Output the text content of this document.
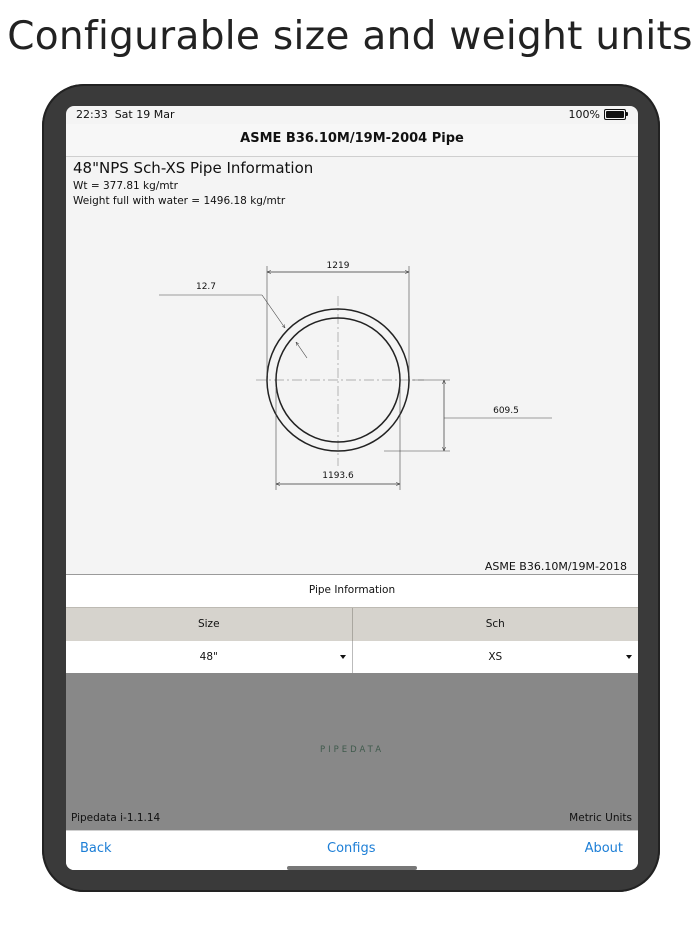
Configurable size and weight units
22:33 Sat 19 Mar	100%
ASME B36.10M/19M-2004 Pipe
48"NPS Sch-XS Pipe Information
Wt = 377.81 kg/mtr
Weight full with water = 1496.18 kg/mtr
1219
12.7
609.5
1193.6
ASME B36.10M/19M-2018
Pipe Information
Size	Sch
48"	XS
PIPEDATA
Pipedata i-1.1.14	Metric Units
Back	Configs	About
